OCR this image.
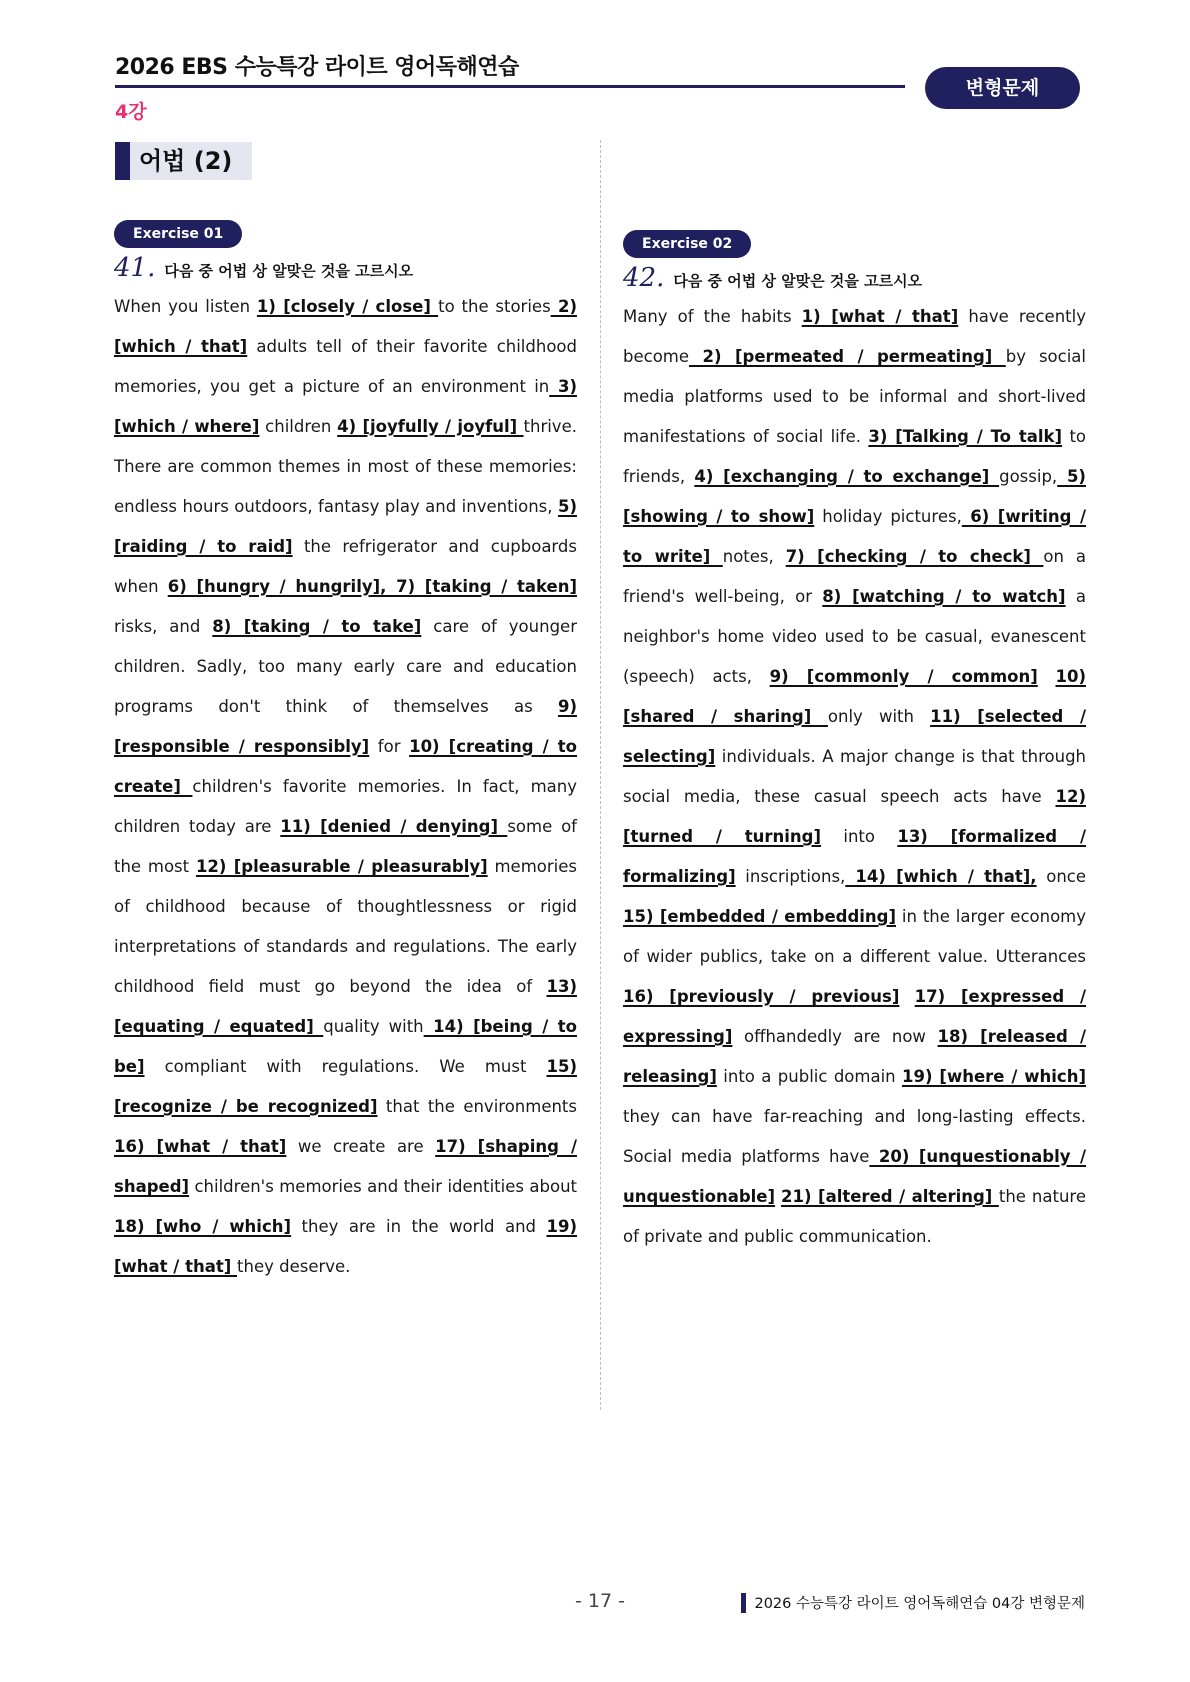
2026 EBS 수능특강 라이트 영어독해연습
4강
변형문제
어법 (2)
Exercise 01
41. 다음 중 어법 상 알맞은 것을 고르시오
When you listen 1) [closely / close] to the stories 2) [which / that] adults tell of their favorite childhood memories, you get a picture of an environment in 3) [which / where] children 4) [joyfully / joyful] thrive. There are common themes in most of these memories: endless hours outdoors, fantasy play and inventions, 5) [raiding / to raid] the refrigerator and cupboards when 6) [hungry / hungrily], 7) [taking / taken] risks, and 8) [taking / to take] care of younger children. Sadly, too many early care and education programs don't think of themselves as 9) [responsible / responsibly] for 10) [creating / to create] children's favorite memories. In fact, many children today are 11) [denied / denying] some of the most 12) [pleasurable / pleasurably] memories of childhood because of thoughtlessness or rigid interpretations of standards and regulations. The early childhood field must go beyond the idea of 13) [equating / equated] quality with 14) [being / to be] compliant with regulations. We must 15) [recognize / be recognized] that the environments 16) [what / that] we create are 17) [shaping / shaped] children's memories and their identities about 18) [who / which] they are in the world and 19) [what / that] they deserve.
Exercise 02
42. 다음 중 어법 상 알맞은 것을 고르시오
Many of the habits 1) [what / that] have recently become 2) [permeated / permeating] by social media platforms used to be informal and short-lived manifestations of social life. 3) [Talking / To talk] to friends, 4) [exchanging / to exchange] gossip, 5) [showing / to show] holiday pictures, 6) [writing / to write] notes, 7) [checking / to check] on a friend's well-being, or 8) [watching / to watch] a neighbor's home video used to be casual, evanescent (speech) acts, 9) [commonly / common] 10) [shared / sharing] only with 11) [selected / selecting] individuals. A major change is that through social media, these casual speech acts have 12) [turned / turning] into 13) [formalized / formalizing] inscriptions, 14) [which / that], once 15) [embedded / embedding] in the larger economy of wider publics, take on a different value. Utterances 16) [previously / previous] 17) [expressed / expressing] offhandedly are now 18) [released / releasing] into a public domain 19) [where / which] they can have far-reaching and long-lasting effects. Social media platforms have 20) [unquestionably / unquestionable] 21) [altered / altering] the nature of private and public communication.
- 17 -	2026 수능특강 라이트 영어독해연습 04강 변형문제
